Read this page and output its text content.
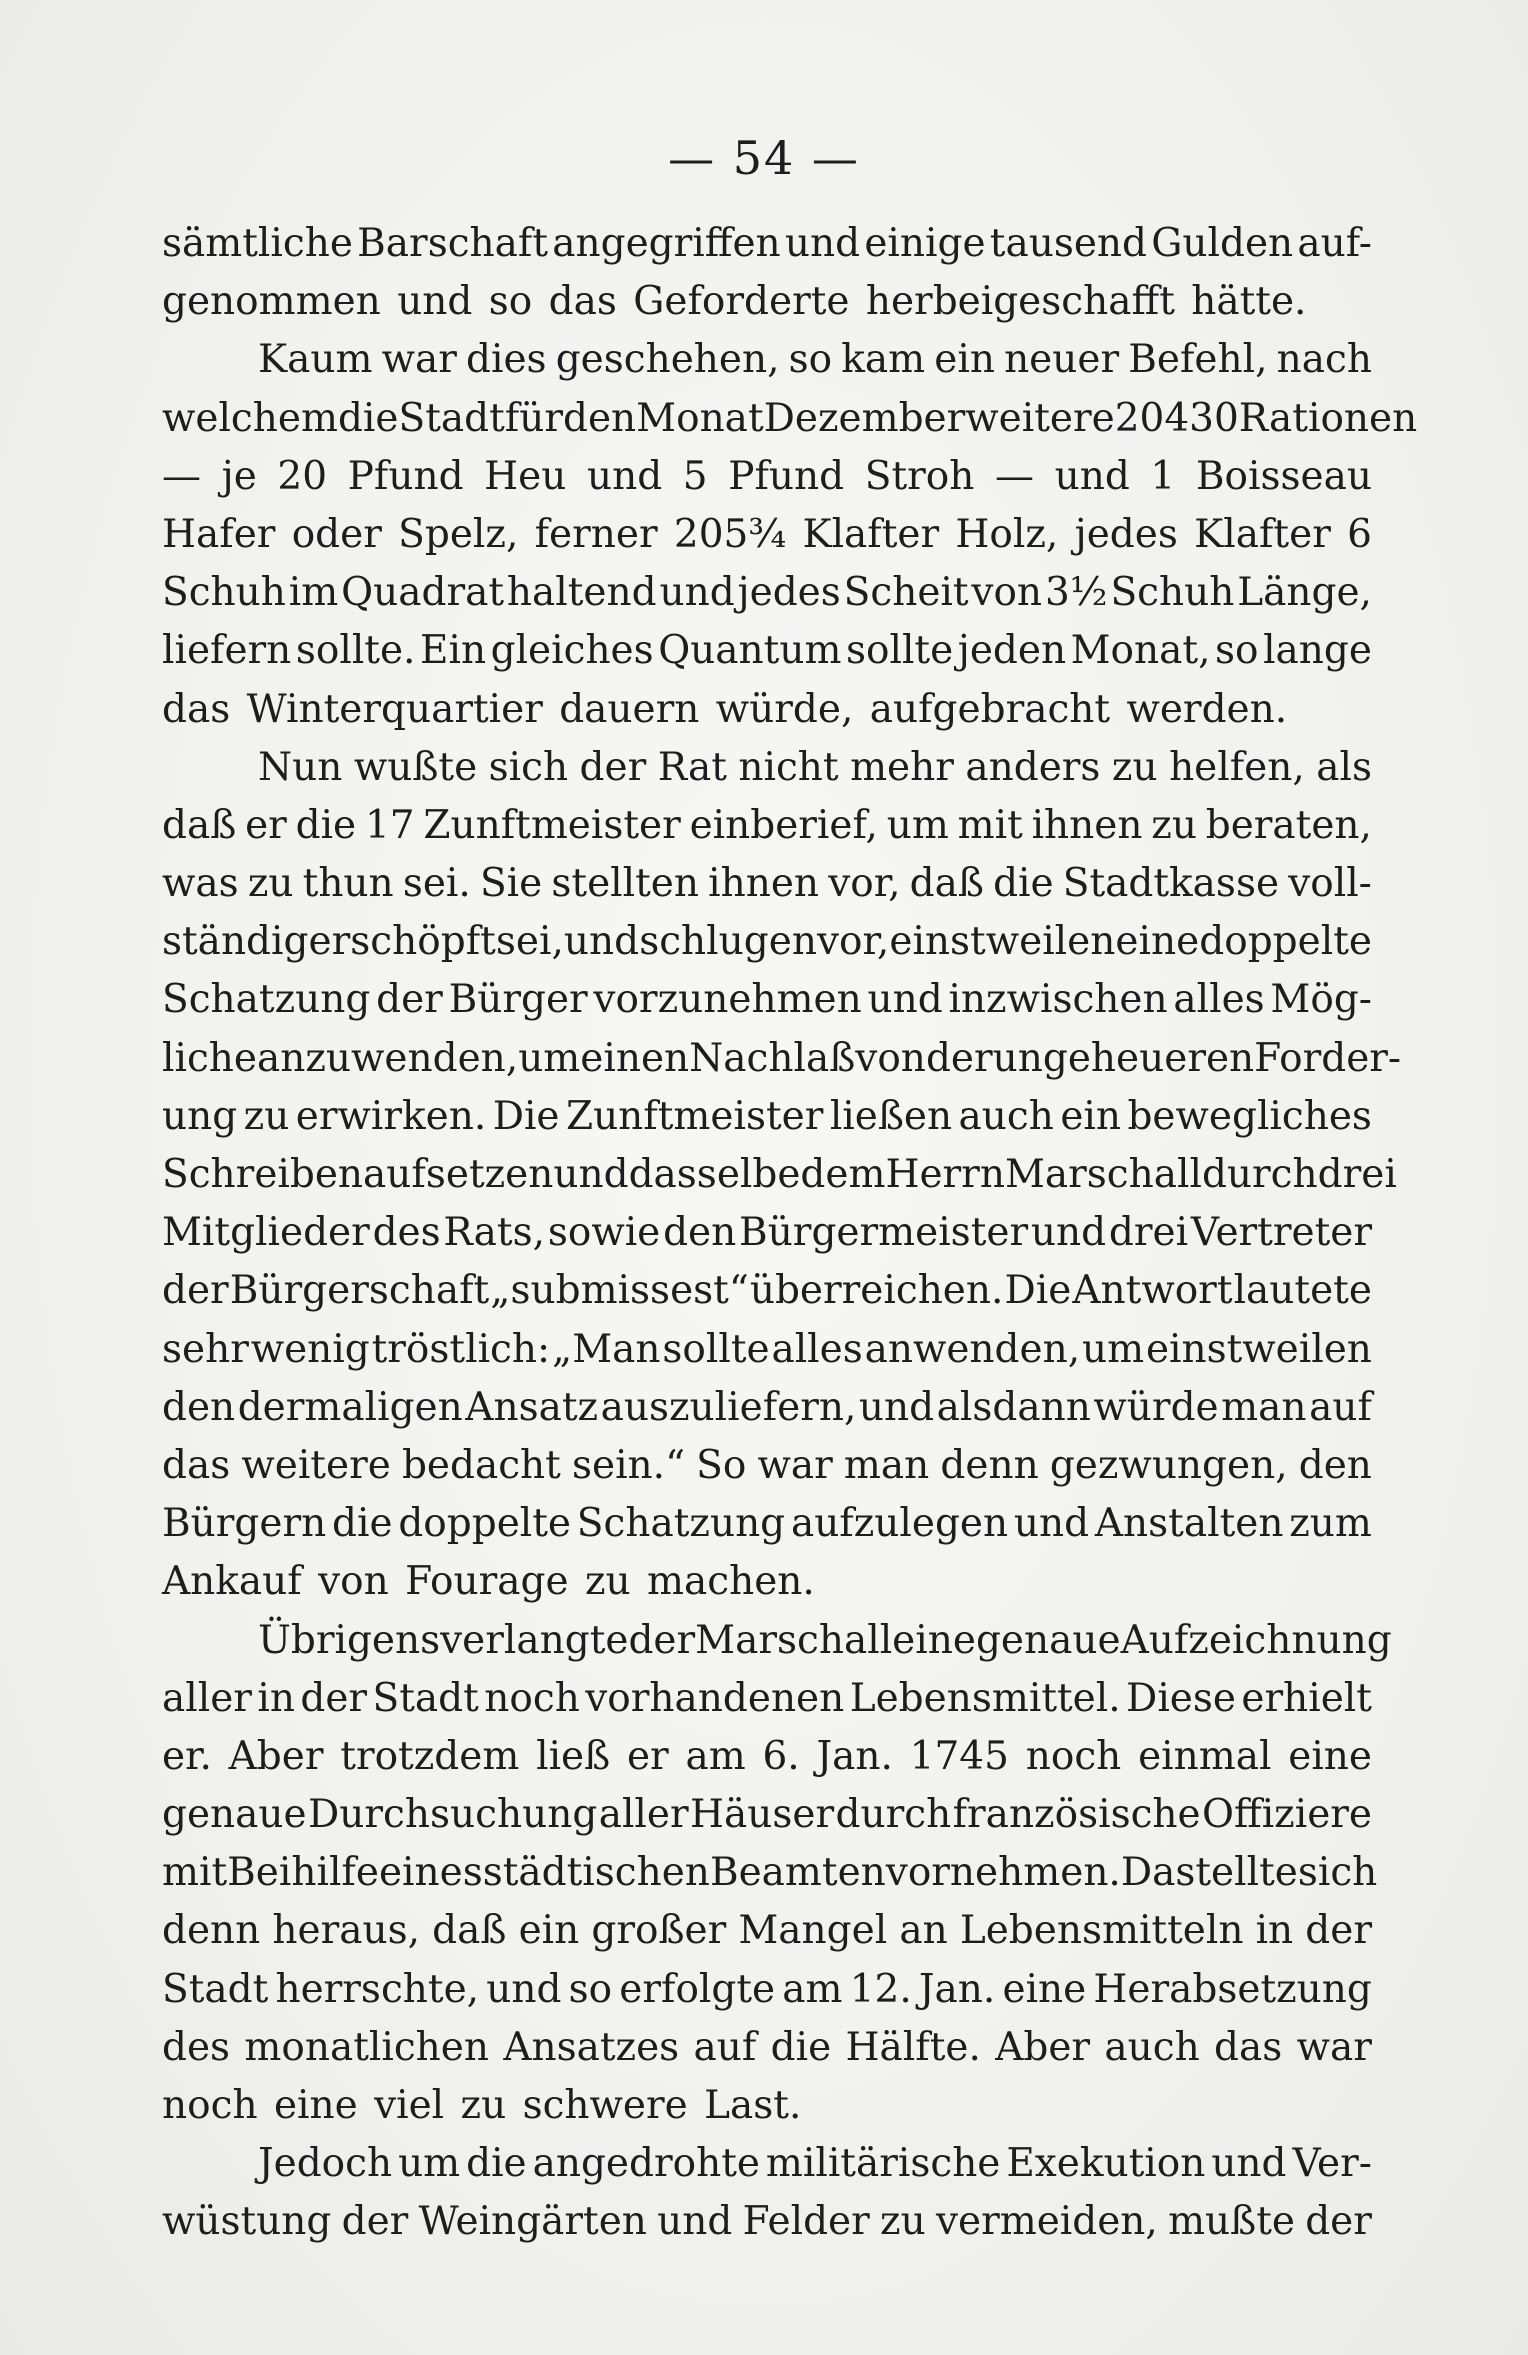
— 54 —
sämtliche Barschaft angegriffen und einige tausend Gulden auf-
genommen und so das Geforderte herbeigeschafft hätte.
Kaum war dies geschehen, so kam ein neuer Befehl, nach
welchem die Stadt für den Monat Dezember weitere 20430 Rationen
— je 20 Pfund Heu und 5 Pfund Stroh — und 1 Boisseau
Hafer oder Spelz, ferner 205¾ Klafter Holz, jedes Klafter 6
Schuh im Quadrat haltend und jedes Scheit von 3½ Schuh Länge,
liefern sollte. Ein gleiches Quantum sollte jeden Monat, so lange
das Winterquartier dauern würde, aufgebracht werden.
Nun wußte sich der Rat nicht mehr anders zu helfen, als
daß er die 17 Zunftmeister einberief, um mit ihnen zu beraten,
was zu thun sei. Sie stellten ihnen vor, daß die Stadtkasse voll-
ständig erschöpft sei, und schlugen vor, einstweilen eine doppelte
Schatzung der Bürger vorzunehmen und inzwischen alles Mög-
liche anzuwenden, um einen Nachlaß von der ungeheueren Forder-
ung zu erwirken. Die Zunftmeister ließen auch ein bewegliches
Schreiben aufsetzen und dasselbe dem Herrn Marschall durch drei
Mitglieder des Rats, sowie den Bürgermeister und drei Vertreter
der Bürgerschaft „submissest“ überreichen. Die Antwort lautete
sehr wenig tröstlich: „Man sollte alles anwenden, um einstweilen
den dermaligen Ansatz auszuliefern, und alsdann würde man auf
das weitere bedacht sein.“ So war man denn gezwungen, den
Bürgern die doppelte Schatzung aufzulegen und Anstalten zum
Ankauf von Fourage zu machen.
Übrigens verlangte der Marschall eine genaue Aufzeichnung
aller in der Stadt noch vorhandenen Lebensmittel. Diese erhielt
er. Aber trotzdem ließ er am 6. Jan. 1745 noch einmal eine
genaue Durchsuchung aller Häuser durch französische Offiziere
mit Beihilfe eines städtischen Beamten vornehmen. Da stellte sich
denn heraus, daß ein großer Mangel an Lebensmitteln in der
Stadt herrschte, und so erfolgte am 12. Jan. eine Herabsetzung
des monatlichen Ansatzes auf die Hälfte. Aber auch das war
noch eine viel zu schwere Last.
Jedoch um die angedrohte militärische Exekution und Ver-
wüstung der Weingärten und Felder zu vermeiden, mußte der
